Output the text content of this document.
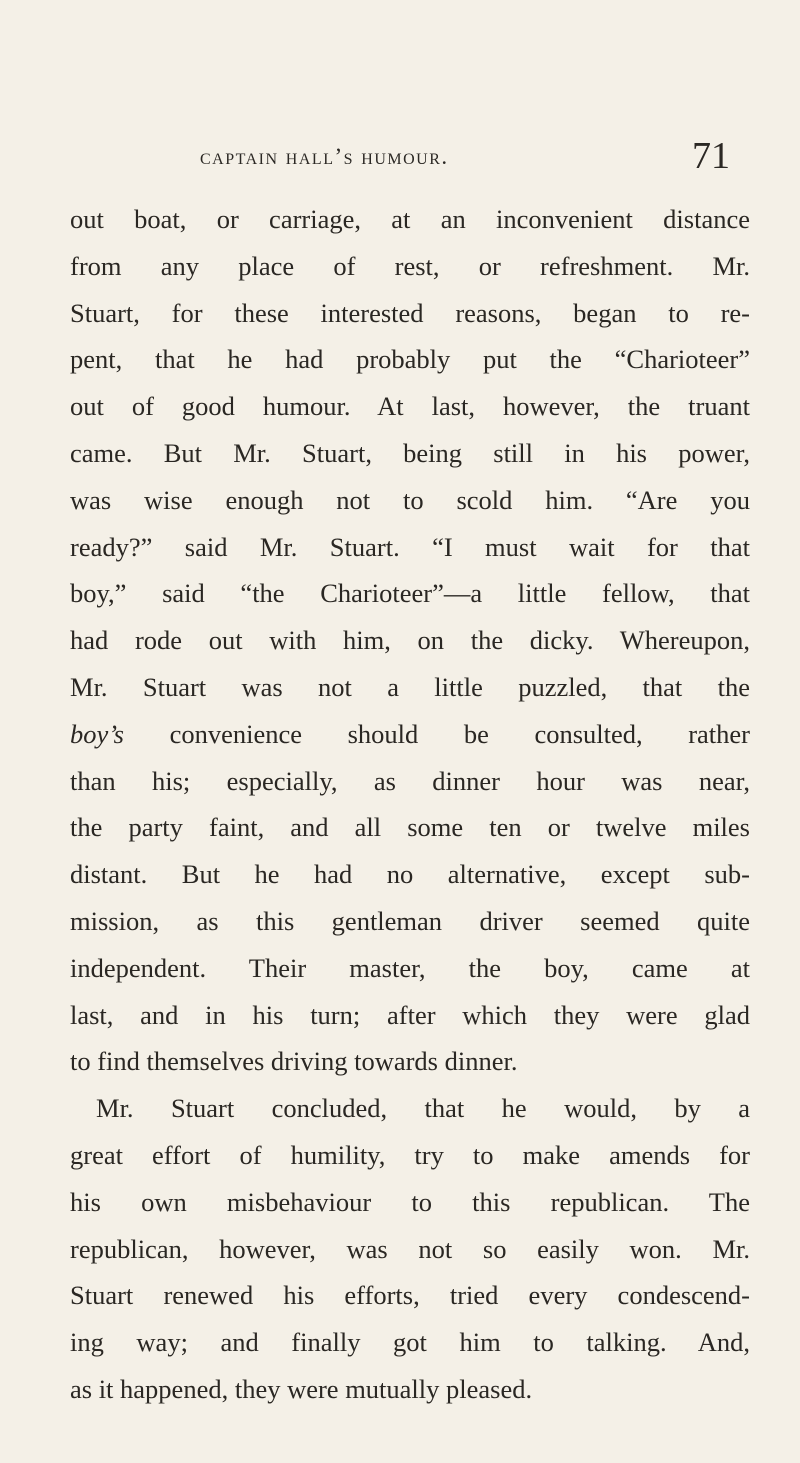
captain hall’s humour.	71
out boat, or carriage, at an inconvenient distance
from any place of rest, or refreshment. Mr.
Stuart, for these interested reasons, began to re-
pent, that he had probably put the “Charioteer”
out of good humour. At last, however, the truant
came. But Mr. Stuart, being still in his power,
was wise enough not to scold him. “Are you
ready?” said Mr. Stuart. “I must wait for that
boy,” said “the Charioteer”—a little fellow, that
had rode out with him, on the dicky. Whereupon,
Mr. Stuart was not a little puzzled, that the
boy’s convenience should be consulted, rather
than his; especially, as dinner hour was near,
the party faint, and all some ten or twelve miles
distant. But he had no alternative, except sub-
mission, as this gentleman driver seemed quite
independent. Their master, the boy, came at
last, and in his turn; after which they were glad
to find themselves driving towards dinner.
Mr. Stuart concluded, that he would, by a
great effort of humility, try to make amends for
his own misbehaviour to this republican. The
republican, however, was not so easily won. Mr.
Stuart renewed his efforts, tried every condescend-
ing way; and finally got him to talking. And,
as it happened, they were mutually pleased.
